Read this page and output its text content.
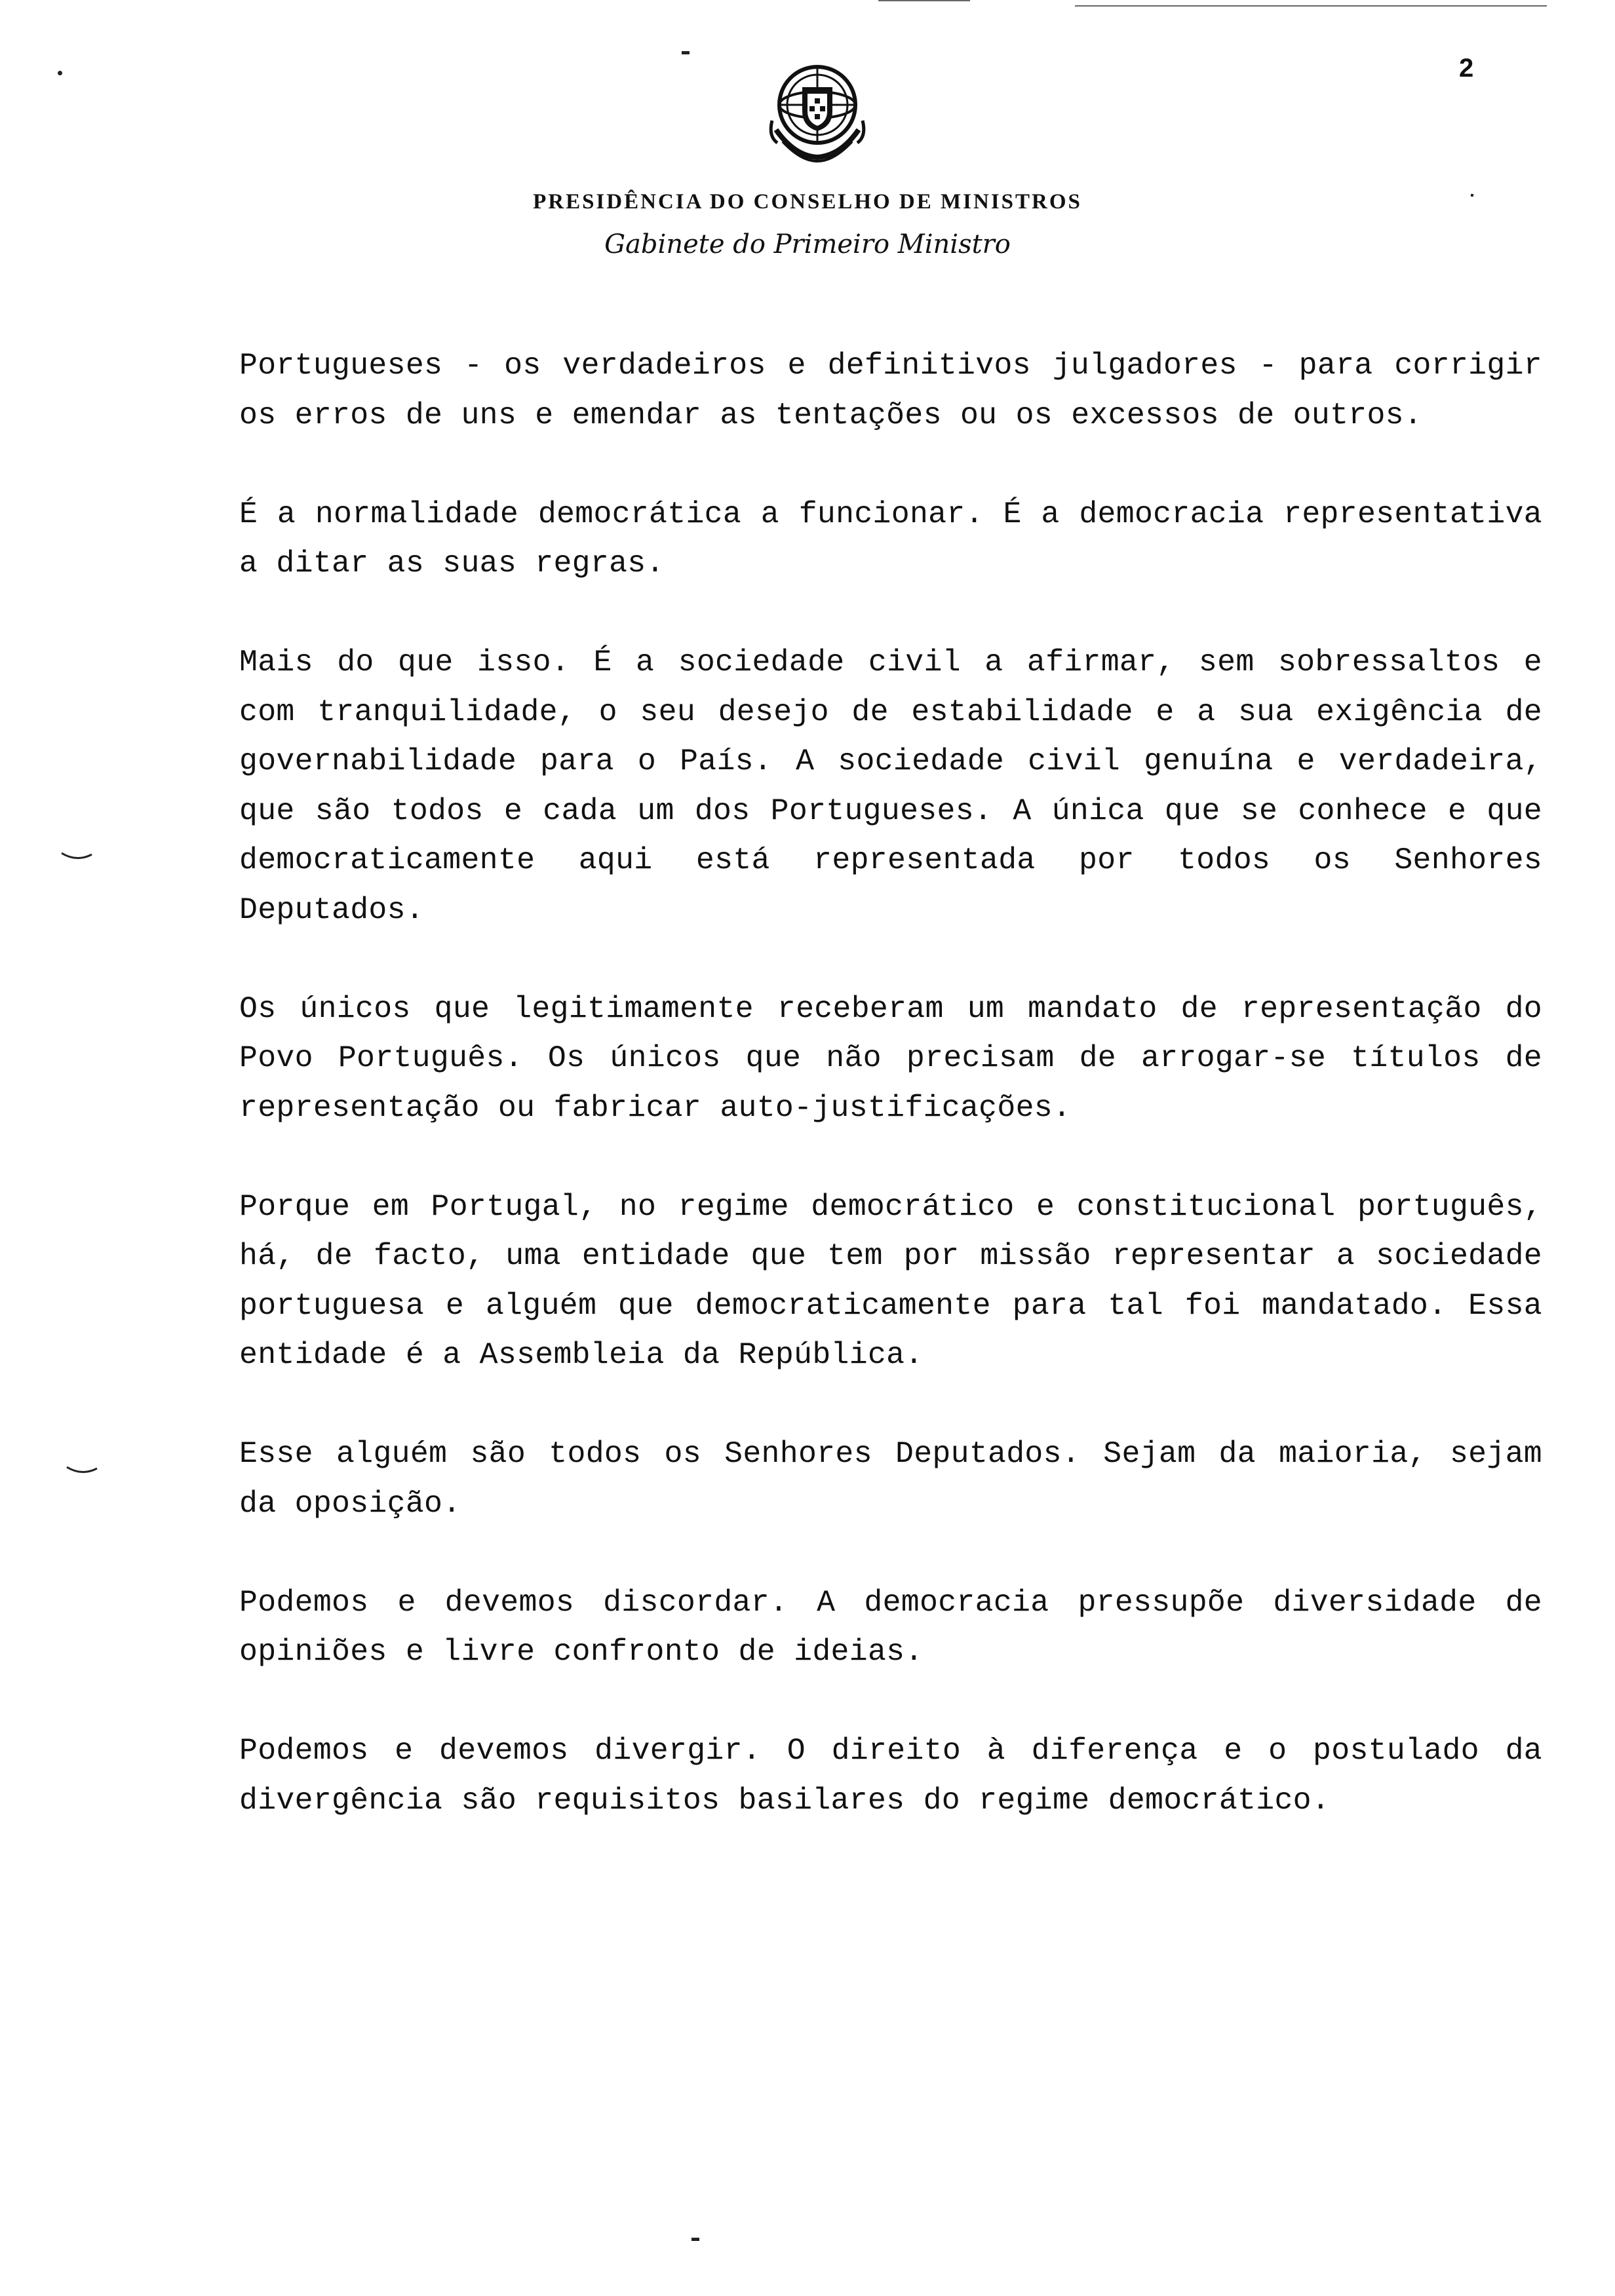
2
PRESIDÊNCIA DO CONSELHO DE MINISTROS
Gabinete do Primeiro Ministro

Portugueses - os verdadeiros e definitivos julgadores - para corrigir os erros de uns e emendar as tentações ou os excessos de outros.

É a normalidade democrática a funcionar. É a democracia representativa a ditar as suas regras.

Mais do que isso. É a sociedade civil a afirmar, sem sobressaltos e com tranquilidade, o seu desejo de estabilidade e a sua exigência de governabilidade para o País. A sociedade civil genuína e verdadeira, que são todos e cada um dos Portugueses. A única que se conhece e que democraticamente aqui está representada por todos os Senhores Deputados.

Os únicos que legitimamente receberam um mandato de representação do Povo Português. Os únicos que não precisam de arrogar-se títulos de representação ou fabricar auto-justificações.

Porque em Portugal, no regime democrático e constitucional português, há, de facto, uma entidade que tem por missão representar a sociedade portuguesa e alguém que democraticamente para tal foi mandatado. Essa entidade é a Assembleia da República.

Esse alguém são todos os Senhores Deputados. Sejam da maioria, sejam da oposição.

Podemos e devemos discordar. A democracia pressupõe diversidade de opiniões e livre confronto de ideias.

Podemos e devemos divergir. O direito à diferença e o postulado da divergência são requisitos basilares do regime democrático.
